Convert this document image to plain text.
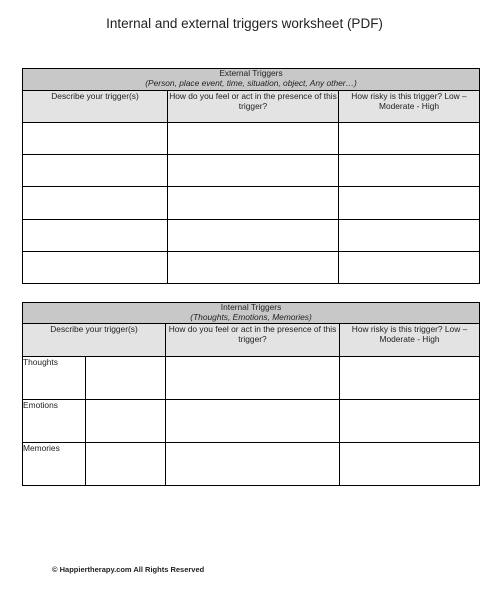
Internal and external triggers worksheet (PDF)
External Triggers
(Person, place event, time, situation, object, Any other…)		

Describe your trigger(s)	How do you feel or act in the presence of this trigger?	How risky is this trigger? Low – Moderate - High

Internal Triggers
(Thoughts, Emotions, Memories)			

Describe your trigger(s)		How do you feel or act in the presence of this trigger?	How risky is this trigger? Low – Moderate - High
Thoughts			
Emotions			
Memories			
© Happiertherapy.com All Rights Reserved
